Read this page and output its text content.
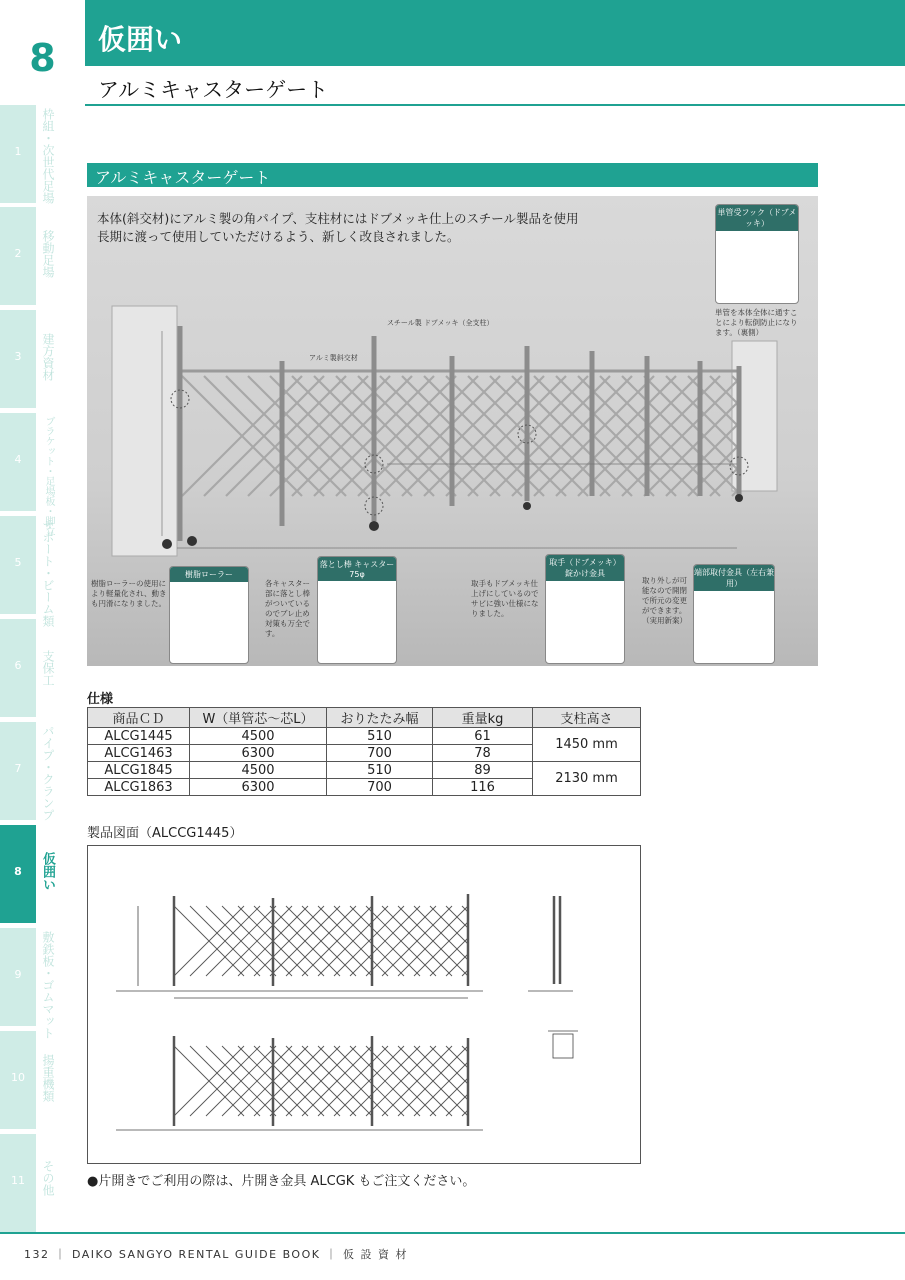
8	仮囲い
アルミキャスターゲート
1	枠組・次世代足場
2	移動足場
3	建方資材
4	ブラケット・足場板・脚立
5	サポート・ビーム類
6	支保工
7	パイプ・クランプ
8	仮囲い
9	敷鉄板・ゴムマット
10	揚重機類
11	その他
アルミキャスターゲート
本体(斜交材)にアルミ製の角パイプ、支柱材にはドブメッキ仕上のスチール製品を使用
長期に渡って使用していただけるよう、新しく改良されました。
スチール製 ドブメッキ（全支柱）
アルミ製斜交材
単管受フック（ドブメッキ）
単管を本体全体に通すことにより転倒防止になります。（裏側）
樹脂ローラー
樹脂ローラーの使用により軽量化され、動きも円滑になりました。
落とし棒 キャスター75φ
各キャスター部に落とし棒がついているのでブレ止め対策も万全です。
取手（ドブメッキ）錠かけ金具
取手もドブメッキ仕上げにしているのでサビに強い仕様になりました。
端部取付金具（左右兼用）
取り外しが可能なので開閉で所元の変更ができます。（実用新案）
仕様
商品ＣＤ	W（単管芯～芯L）	おりたたみ幅	重量kg	支柱高さ
ALCG1445	4500	510	61	1450 mm
ALCG1463	6300	700	78	
ALCG1845	4500	510	89	2130 mm
ALCG1863	6300	700	116	
製品図面（ALCCG1445）
●片開きでご利用の際は、片開き金具 ALCGK もご注文ください。
132 ｜ DAIKO SANGYO RENTAL GUIDE BOOK ｜ 仮 設 資 材
